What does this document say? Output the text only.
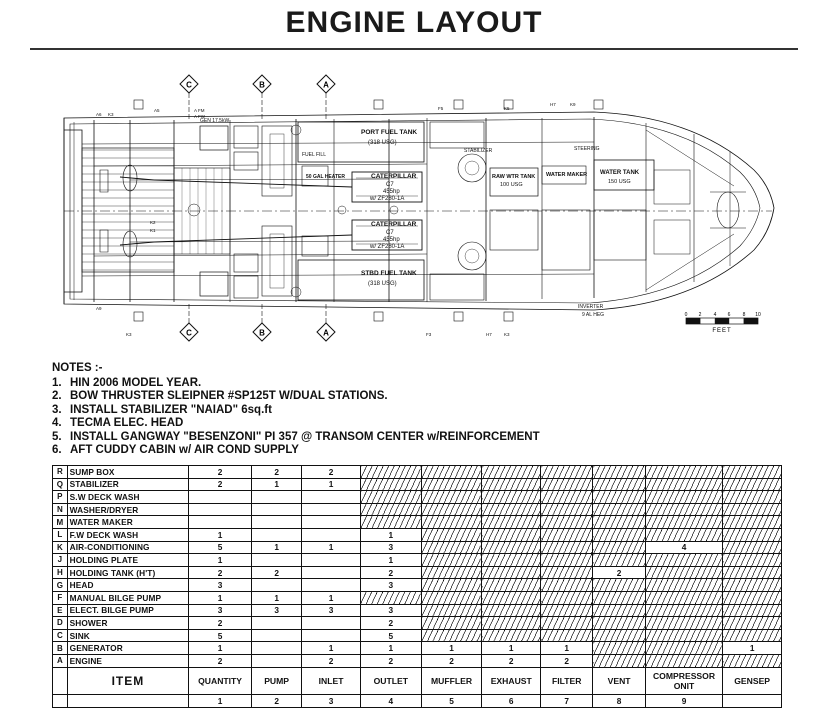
ENGINE LAYOUT
C	B	A
C	B	A
0 2 4 6 8 10
FEET
PORT FUEL TANK
(318 USG)
STBD FUEL TANK
(318 USG)
CATERPILLAR
C7
455hp
w/ ZF280-1A
CATERPILLAR
C7
455hp
w/ ZF280-1A
RAW WTR TANK
100 USG
WATER MAKER WATER TANK
150 USG
50 GAL HEATER
FUEL FILL
GEN 17.5kW
STABILIZER
INVERTER
9 AL HEG
STEERING
K3
K3
A5
A9
A6
A FM
A FW
F3
F5
H7	K3
K5
H7	K9
K2
K1
NOTES :-
1. HIN 2006 MODEL YEAR.
2. BOW THRUSTER SLEIPNER #SP125T W/DUAL STATIONS.
3. INSTALL STABILIZER "NAIAD" 6sq.ft
4. TECMA ELEC. HEAD
5. INSTALL GANGWAY "BESENZONI" PI 357 @ TRANSOM CENTER w/REINFORCEMENT
6. AFT CUDDY CABIN w/ AIR COND SUPPLY
R	SUMP BOX	2	2	2							
Q	STABILIZER	2	1	1							
P	S.W DECK WASH										
N	WASHER/DRYER										
M	WATER MAKER										
L	F.W DECK WASH	1			1						
K	AIR-CONDITIONING	5	1	1	3					4	
J	HOLDING PLATE	1			1						
H	HOLDING TANK (H'T)	2	2		2				2		
G	HEAD	3			3						
F	MANUAL BILGE PUMP	1	1	1							
E	ELECT. BILGE PUMP	3	3	3	3						
D	SHOWER	2			2						
C	SINK	5			5						
B	GENERATOR	1		1	1	1	1	1			1
A	ENGINE	2		2	2	2	2	2			
	ITEM	QUANTITY	PUMP	INLET	OUTLET	MUFFLER	EXHAUST	FILTER	VENT	COMPRESSOR ONIT	GENSEP
		1	2	3	4	5	6	7	8	9	
